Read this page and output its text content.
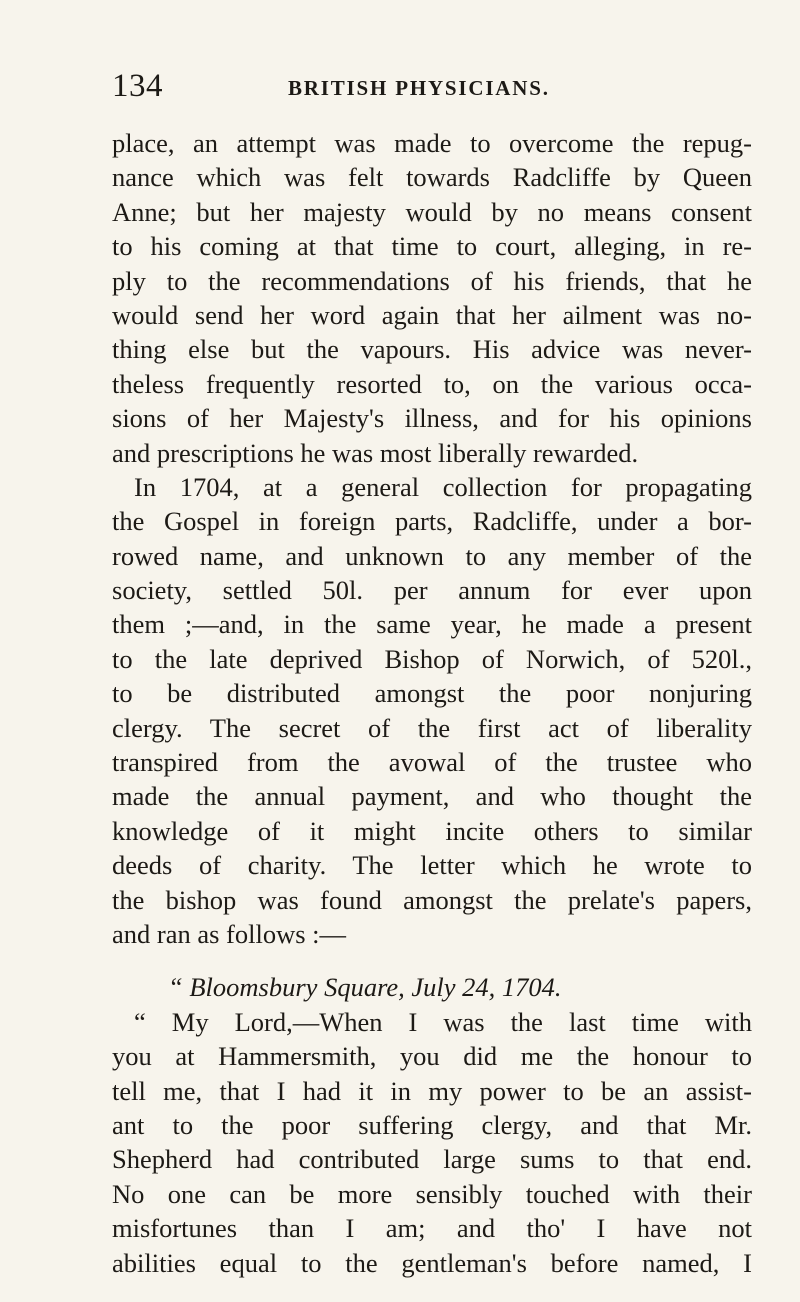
134	BRITISH PHYSICIANS.
place, an attempt was made to overcome the repug-
nance which was felt towards Radcliffe by Queen
Anne; but her majesty would by no means consent
to his coming at that time to court, alleging, in re-
ply to the recommendations of his friends, that he
would send her word again that her ailment was no-
thing else but the vapours. His advice was never-
theless frequently resorted to, on the various occa-
sions of her Majesty's illness, and for his opinions
and prescriptions he was most liberally rewarded.
In 1704, at a general collection for propagating
the Gospel in foreign parts, Radcliffe, under a bor-
rowed name, and unknown to any member of the
society, settled 50l. per annum for ever upon
them ;—and, in the same year, he made a present
to the late deprived Bishop of Norwich, of 520l.,
to be distributed amongst the poor nonjuring
clergy. The secret of the first act of liberality
transpired from the avowal of the trustee who
made the annual payment, and who thought the
knowledge of it might incite others to similar
deeds of charity. The letter which he wrote to
the bishop was found amongst the prelate's papers,
and ran as follows :—
“ Bloomsbury Square, July 24, 1704.
“ My Lord,—When I was the last time with
you at Hammersmith, you did me the honour to
tell me, that I had it in my power to be an assist-
ant to the poor suffering clergy, and that Mr.
Shepherd had contributed large sums to that end.
No one can be more sensibly touched with their
misfortunes than I am; and tho' I have not
abilities equal to the gentleman's before named, I
